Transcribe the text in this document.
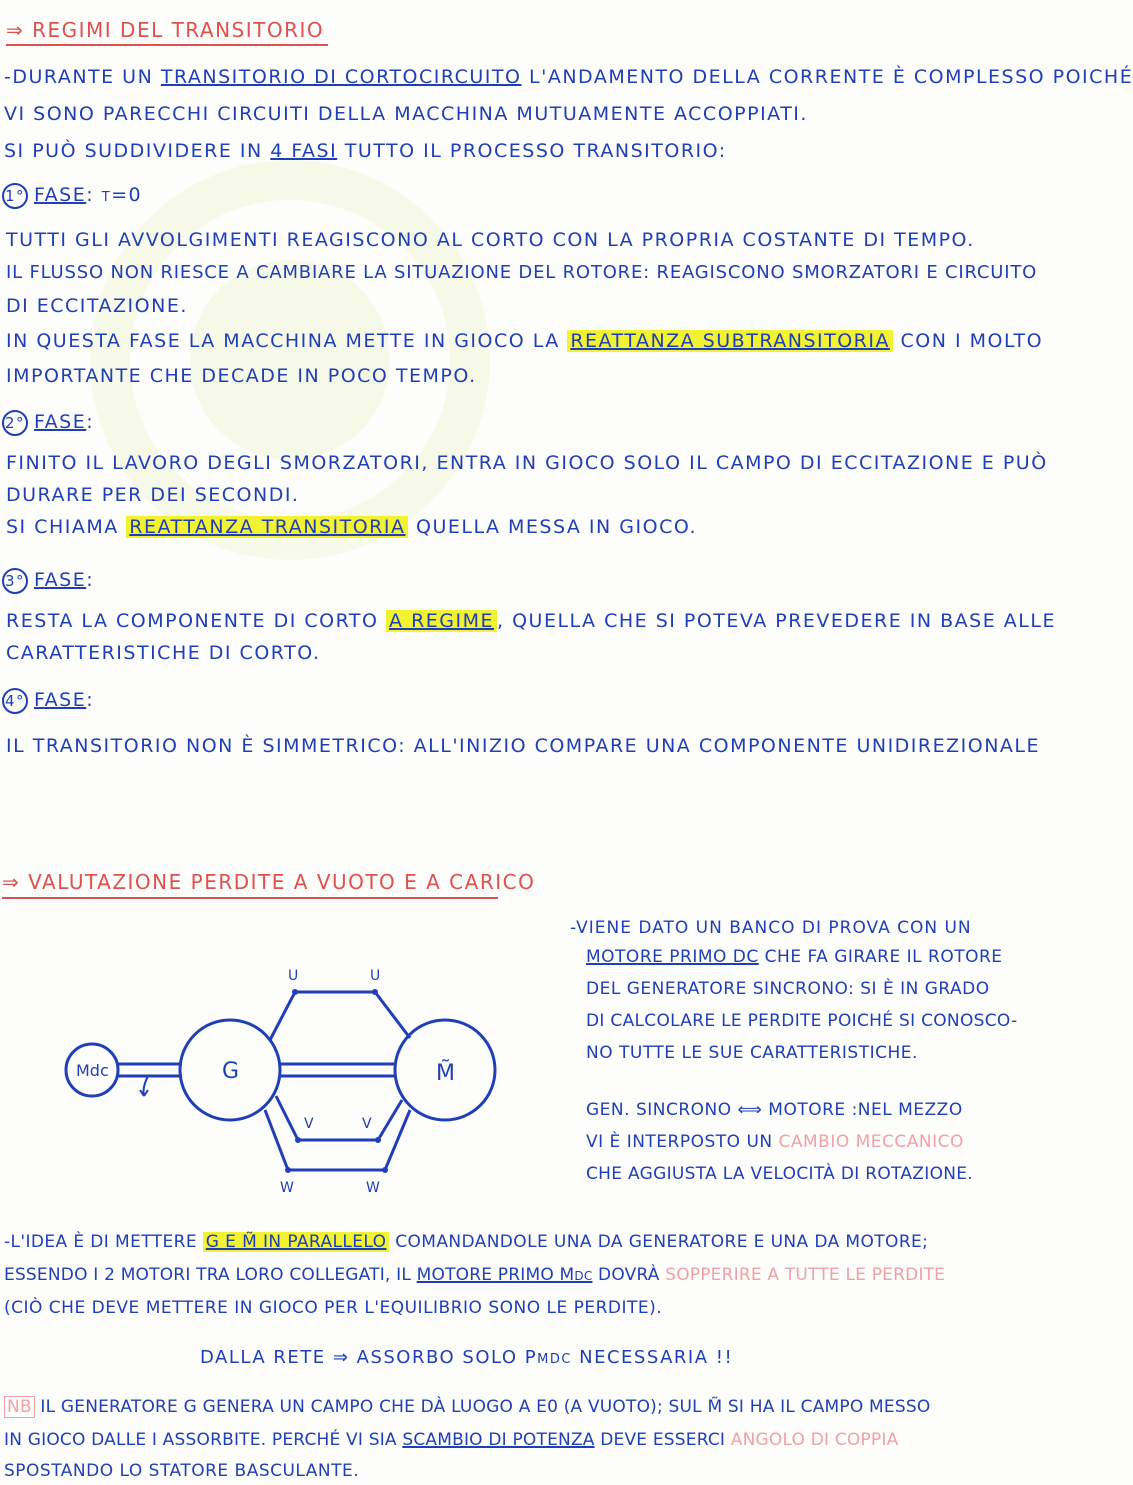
⇒ REGIMI DEL TRANSITORIO
-DURANTE UN TRANSITORIO DI CORTOCIRCUITO L'ANDAMENTO DELLA CORRENTE È COMPLESSO POICHÉ
VI SONO PARECCHI CIRCUITI DELLA MACCHINA MUTUAMENTE ACCOPPIATI.
SI PUÒ SUDDIVIDERE IN 4 FASI TUTTO IL PROCESSO TRANSITORIO:
1° FASE: t=0
TUTTI GLI AVVOLGIMENTI REAGISCONO AL CORTO CON LA PROPRIA COSTANTE DI TEMPO.
IL FLUSSO NON RIESCE A CAMBIARE LA SITUAZIONE DEL ROTORE: REAGISCONO SMORZATORI E CIRCUITO
DI ECCITAZIONE.
IN QUESTA FASE LA MACCHINA METTE IN GIOCO LA REATTANZA SUBTRANSITORIA CON I MOLTO
IMPORTANTE CHE DECADE IN POCO TEMPO.
2° FASE:
FINITO IL LAVORO DEGLI SMORZATORI, ENTRA IN GIOCO SOLO IL CAMPO DI ECCITAZIONE E PUÒ
DURARE PER DEI SECONDI.
SI CHIAMA REATTANZA TRANSITORIA QUELLA MESSA IN GIOCO.
3° FASE:
RESTA LA COMPONENTE DI CORTO A REGIME , QUELLA CHE SI POTEVA PREVEDERE IN BASE ALLE
CARATTERISTICHE DI CORTO.
4° FASE:
IL TRANSITORIO NON È SIMMETRICO: ALL'INIZIO COMPARE UNA COMPONENTE UNIDIREZIONALE
⇒ VALUTAZIONE PERDITE A VUOTO E A CARICO
Mdc	G	M̃
U	U
V	V
W	W
-VIENE DATO UN BANCO DI PROVA CON UN
MOTORE PRIMO DC CHE FA GIRARE IL ROTORE
DEL GENERATORE SINCRONO: SI È IN GRADO
DI CALCOLARE LE PERDITE POICHÉ SI CONOSCO-
NO TUTTE LE SUE CARATTERISTICHE.
GEN. SINCRONO ⟺ MOTORE :NEL MEZZO
VI È INTERPOSTO UN CAMBIO MECCANICO
CHE AGGIUSTA LA VELOCITÀ DI ROTAZIONE.
-L'IDEA È DI METTERE G E M̃ IN PARALLELO COMANDANDOLE UNA DA GENERATORE E UNA DA MOTORE;
ESSENDO I 2 MOTORI TRA LORO COLLEGATI, IL MOTORE PRIMO Mdc DOVRÀ SOPPERIRE A TUTTE LE PERDITE
(CIÒ CHE DEVE METTERE IN GIOCO PER L'EQUILIBRIO SONO LE PERDITE).
DALLA RETE ⇒ ASSORBO SOLO Pmdc NECESSARIA !!
NB IL GENERATORE G GENERA UN CAMPO CHE DÀ LUOGO A E0 (A VUOTO); SUL M̃ SI HA IL CAMPO MESSO
IN GIOCO DALLE I ASSORBITE. PERCHÉ VI SIA SCAMBIO DI POTENZA DEVE ESSERCI ANGOLO DI COPPIA
SPOSTANDO LO STATORE BASCULANTE.
